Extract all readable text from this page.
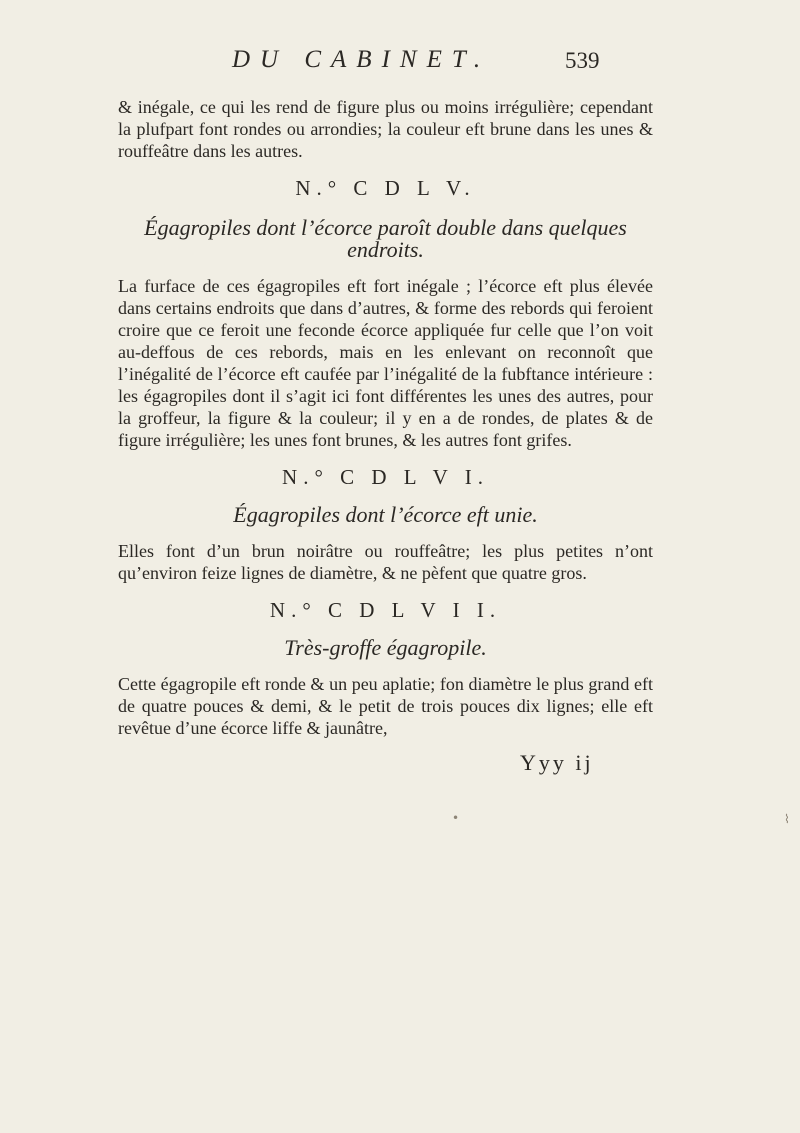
DU CABINET.	539

& inégale, ce qui les rend de figure plus ou moins irrégulière; cependant la plufpart font rondes ou arrondies; la couleur eft brune dans les unes & rouffeâtre dans les autres.

N.° C D L V.

Égagropiles dont l’écorce paroît double dans quelques endroits.

La furface de ces égagropiles eft fort inégale ; l’écorce eft plus élevée dans certains endroits que dans d’autres, & forme des rebords qui feroient croire que ce feroit une feconde écorce appliquée fur celle que l’on voit au-deffous de ces rebords, mais en les enlevant on reconnoît que l’inégalité de l’écorce eft caufée par l’inégalité de la fubftance intérieure : les égagropiles dont il s’agit ici font différentes les unes des autres, pour la groffeur, la figure & la couleur; il y en a de rondes, de plates & de figure irrégulière; les unes font brunes, & les autres font grifes.

N.° C D L V I.

Égagropiles dont l’écorce eft unie.

Elles font d’un brun noirâtre ou rouffeâtre; les plus petites n’ont qu’environ feize lignes de diamètre, & ne pèfent que quatre gros.

N.° C D L V I I.

Très-groffe égagropile.

Cette égagropile eft ronde & un peu aplatie; fon diamètre le plus grand eft de quatre pouces & demi, & le petit de trois pouces dix lignes; elle eft revêtue d’une écorce liffe & jaunâtre,

Yyy ij
⌇
•
